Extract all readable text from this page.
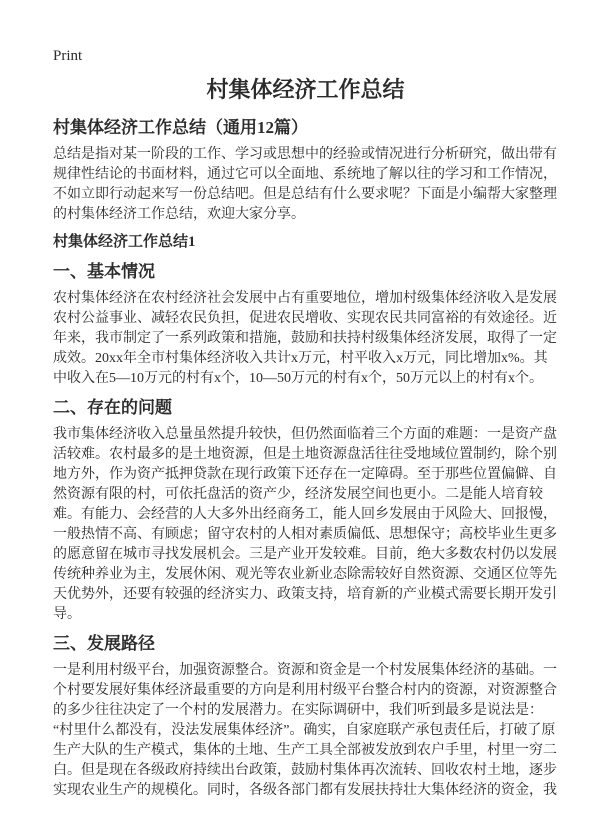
Print
村集体经济工作总结
村集体经济工作总结（通用12篇）

总结是指对某一阶段的工作、学习或思想中的经验或情况进行分析研究，做出带有规律性结论的书面材料，通过它可以全面地、系统地了解以往的学习和工作情况，不如立即行动起来写一份总结吧。但是总结有什么要求呢？下面是小编帮大家整理的村集体经济工作总结，欢迎大家分享。

村集体经济工作总结1
一、基本情况

农村集体经济在农村经济社会发展中占有重要地位，增加村级集体经济收入是发展农村公益事业、减轻农民负担，促进农民增收、实现农民共同富裕的有效途径。近年来，我市制定了一系列政策和措施，鼓励和扶持村级集体经济发展，取得了一定成效。20xx年全市村集体经济收入共计x万元，村平收入x万元，同比增加x%。其中收入在5—10万元的村有x个，10—50万元的村有x个，50万元以上的村有x个。

二、存在的问题

我市集体经济收入总量虽然提升较快，但仍然面临着三个方面的难题：一是资产盘活较难。农村最多的是土地资源，但是土地资源盘活往往受地域位置制约，除个别地方外，作为资产抵押贷款在现行政策下还存在一定障碍。至于那些位置偏僻、自然资源有限的村，可依托盘活的资产少，经济发展空间也更小。二是能人培育较难。有能力、会经营的人大多外出经商务工，能人回乡发展由于风险大、回报慢，一般热情不高、有顾虑；留守农村的人相对素质偏低、思想保守；高校毕业生更多的愿意留在城市寻找发展机会。三是产业开发较难。目前，绝大多数农村仍以发展传统种养业为主，发展休闲、观光等农业新业态除需较好自然资源、交通区位等先天优势外，还要有较强的经济实力、政策支持，培育新的产业模式需要长期开发引导。

三、发展路径

一是利用村级平台，加强资源整合。资源和资金是一个村发展集体经济的基础。一个村要发展好集体经济最重要的方向是利用村级平台整合村内的资源，对资源整合的多少往往决定了一个村的发展潜力。在实际调研中，我们听到最多是说法是：“村里什么都没有，没法发展集体经济”。确实，自家庭联产承包责任后，打破了原生产大队的生产模式，集体的土地、生产工具全部被发放到农户手里，村里一穷二白。但是现在各级政府持续出台政策，鼓励村集体再次流转、回收农村土地，逐步实现农业生产的规模化。同时，各级各部门都有发展扶持壮大集体经济的资金，我
